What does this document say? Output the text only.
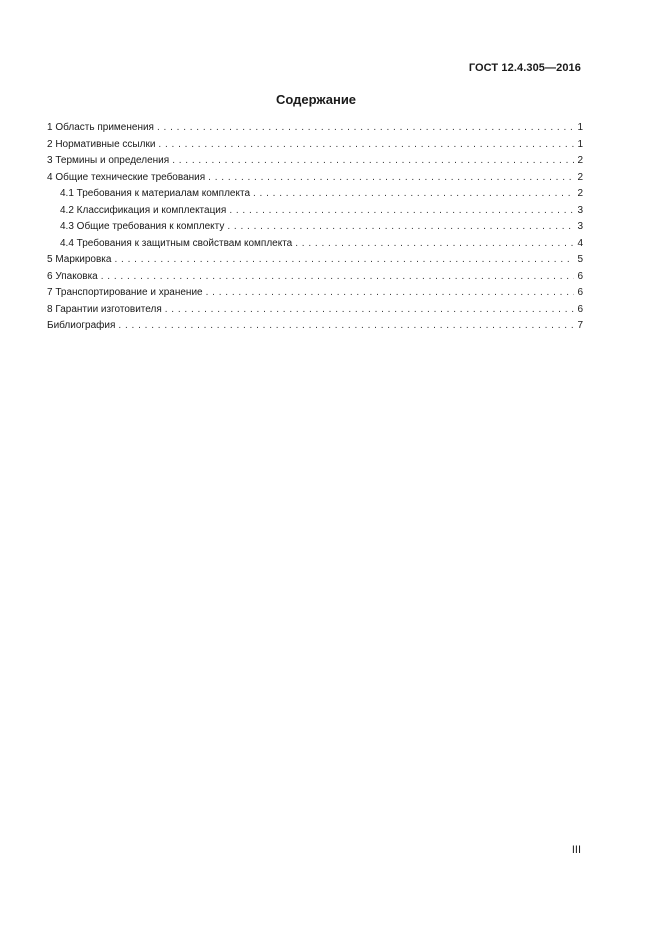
ГОСТ 12.4.305—2016
Содержание
1 Область применения . . .	1
2 Нормативные ссылки . . .	1
3 Термины и определения . . .	2
4 Общие технические требования . . .	2
4.1 Требования к материалам комплекта . . .	2
4.2 Классификация и комплектация . . .	3
4.3 Общие требования к комплекту . . .	3
4.4 Требования к защитным свойствам комплекта . . .	4
5 Маркировка . . .	5
6 Упаковка . . .	6
7 Транспортирование и хранение . . .	6
8 Гарантии изготовителя . . .	6
Библиография . . .	7
III
